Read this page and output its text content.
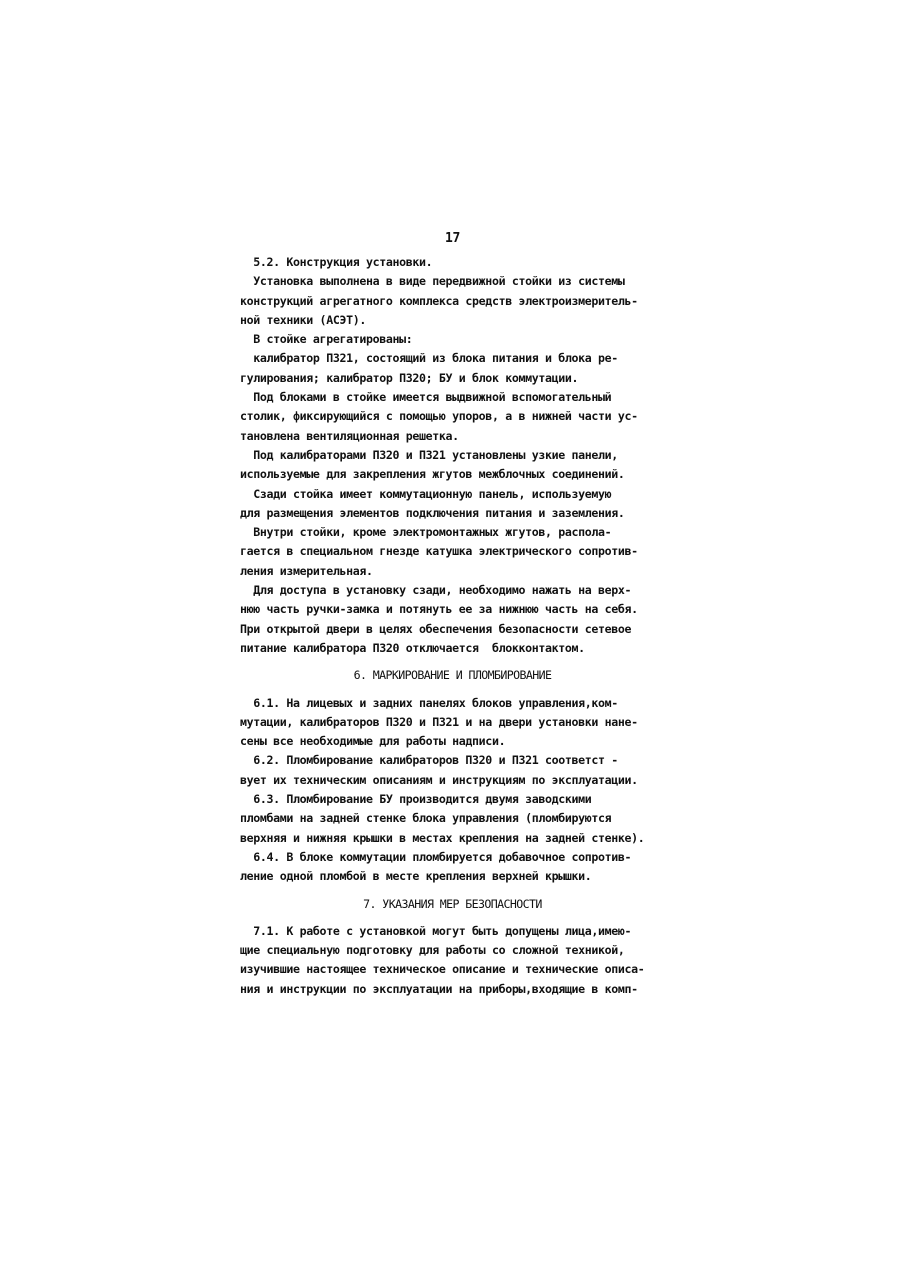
17
5.2. Конструкция установки.
Установка выполнена в виде передвижной стойки из системы
конструкций агрегатного комплекса средств электроизмеритель-
ной техники (АСЭТ).
В стойке агрегатированы:
калибратор П321, состоящий из блока питания и блока ре-
гулирования; калибратор П320; БУ и блок коммутации.
Под блоками в стойке имеется выдвижной вспомогательный
столик, фиксирующийся с помощью упоров, а в нижней части ус-
тановлена вентиляционная решетка.
Под калибраторами П320 и П321 установлены узкие панели,
используемые для закрепления жгутов межблочных соединений.
Сзади стойка имеет коммутационную панель, используемую
для размещения элементов подключения питания и заземления.
Внутри стойки, кроме электромонтажных жгутов, распола-
гается в специальном гнезде катушка электрического сопротив-
ления измерительная.
Для доступа в установку сзади, необходимо нажать на верх-
нюю часть ручки-замка и потянуть ее за нижнюю часть на себя.
При открытой двери в целях обеспечения безопасности сетевое
питание калибратора П320 отключается  блокконтактом.
6. МАРКИРОВАНИЕ И ПЛОМБИРОВАНИЕ
6.1. На лицевых и задних панелях блоков управления,ком-
мутации, калибраторов П320 и П321 и на двери установки нане-
сены все необходимые для работы надписи.
6.2. Пломбирование калибраторов П320 и П321 соответст -
вует их техническим описаниям и инструкциям по эксплуатации.
6.3. Пломбирование БУ производится двумя заводскими
пломбами на задней стенке блока управления (пломбируются
верхняя и нижняя крышки в местах крепления на задней стенке).
6.4. В блоке коммутации пломбируется добавочное сопротив-
ление одной пломбой в месте крепления верхней крышки.
7. УКАЗАНИЯ МЕР БЕЗОПАСНОСТИ
7.1. К работе с установкой могут быть допущены лица,имею-
щие специальную подготовку для работы со сложной техникой,
изучившие настоящее техническое описание и технические описа-
ния и инструкции по эксплуатации на приборы,входящие в комп-
